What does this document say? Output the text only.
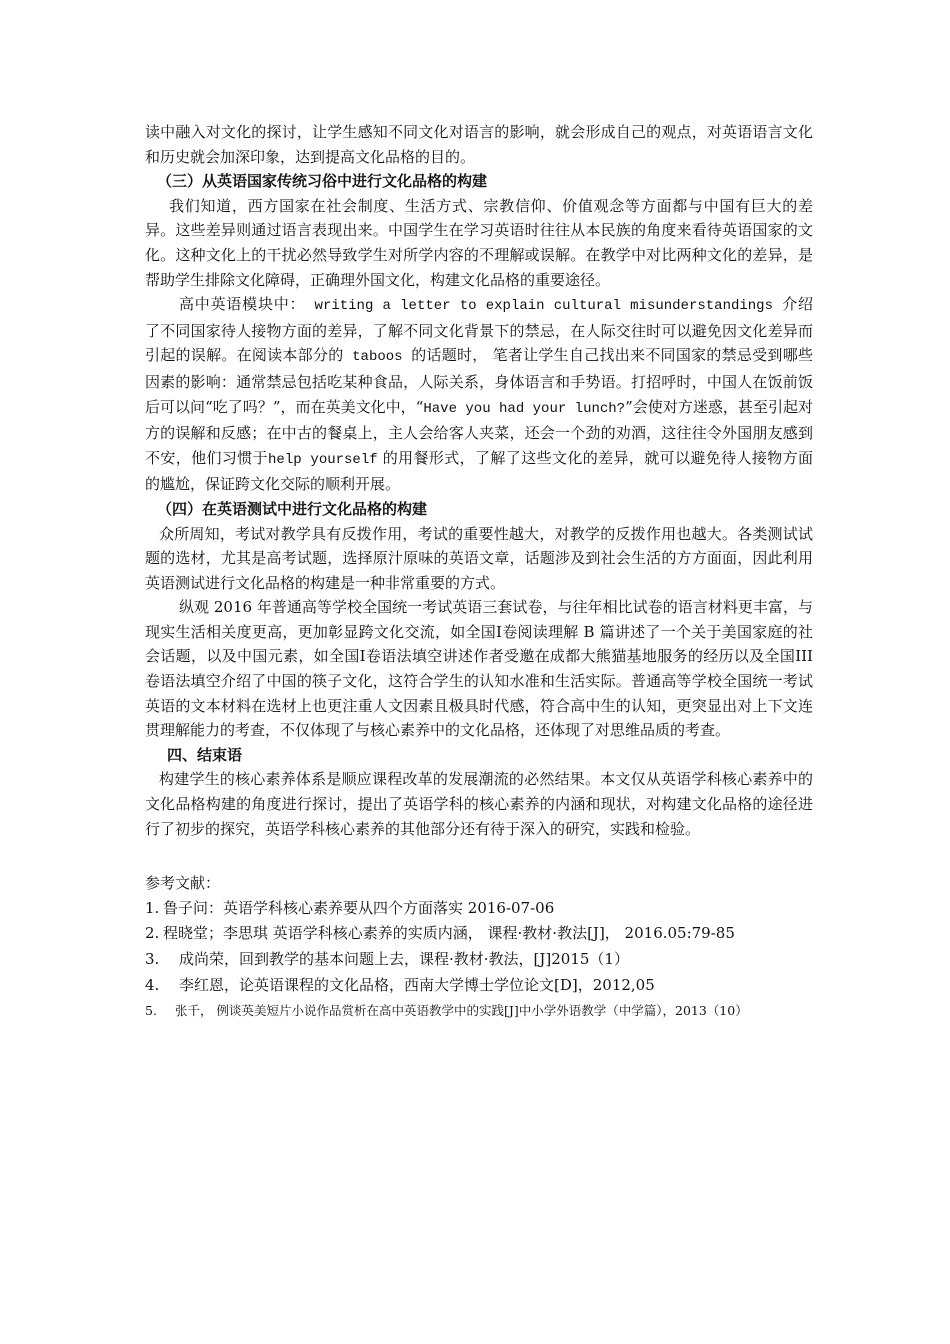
读中融入对文化的探讨，让学生感知不同文化对语言的影响，就会形成自己的观点，对英语语言文化和历史就会加深印象，达到提高文化品格的目的。

（三）从英语国家传统习俗中进行文化品格的构建

我们知道，西方国家在社会制度、生活方式、宗教信仰、价值观念等方面都与中国有巨大的差异。这些差异则通过语言表现出来。中国学生在学习英语时往往从本民族的角度来看待英语国家的文化。这种文化上的干扰必然导致学生对所学内容的不理解或误解。在教学中对比两种文化的差异，是帮助学生排除文化障碍，正确理外国文化，构建文化品格的重要途径。

高中英语模块中： writing a letter to explain cultural misunderstandings 介绍了不同国家待人接物方面的差异，了解不同文化背景下的禁忌，在人际交往时可以避免因文化差异而引起的误解。在阅读本部分的 taboos 的话题时， 笔者让学生自己找出来不同国家的禁忌受到哪些因素的影响：通常禁忌包括吃某种食品，人际关系，身体语言和手势语。打招呼时，中国人在饭前饭后可以问“吃了吗？”，而在英美文化中，“Have you had your lunch?”会使对方迷惑，甚至引起对方的误解和反感；在中古的餐桌上，主人会给客人夹菜，还会一个劲的劝酒，这往往令外国朋友感到不安，他们习惯于help yourself 的用餐形式，了解了这些文化的差异，就可以避免待人接物方面的尴尬，保证跨文化交际的顺利开展。

（四）在英语测试中进行文化品格的构建

众所周知，考试对教学具有反拨作用，考试的重要性越大，对教学的反拨作用也越大。各类测试试题的选材，尤其是高考试题，选择原汁原味的英语文章，话题涉及到社会生活的方方面面，因此利用英语测试进行文化品格的构建是一种非常重要的方式。

纵观 2016 年普通高等学校全国统一考试英语三套试卷，与往年相比试卷的语言材料更丰富，与现实生活相关度更高，更加彰显跨文化交流，如全国I卷阅读理解 B 篇讲述了一个关于美国家庭的社会话题，以及中国元素，如全国I卷语法填空讲述作者受邀在成都大熊猫基地服务的经历以及全国III卷语法填空介绍了中国的筷子文化，这符合学生的认知水准和生活实际。普通高等学校全国统一考试英语的文本材料在选材上也更注重人文因素且极具时代感，符合高中生的认知，更突显出对上下文连贯理解能力的考查，不仅体现了与核心素养中的文化品格，还体现了对思维品质的考查。

四、结束语

构建学生的核心素养体系是顺应课程改革的发展潮流的必然结果。本文仅从英语学科核心素养中的文化品格构建的角度进行探讨，提出了英语学科的核心素养的内涵和现状，对构建文化品格的途径进行了初步的探究，英语学科核心素养的其他部分还有待于深入的研究，实践和检验。

参考文献：

1. 鲁子问：英语学科核心素养要从四个方面落实 2016-07-06

2. 程晓堂；李思琪 英语学科核心素养的实质内涵， 课程·教材·教法[J]， 2016.05:79-85

3. 成尚荣，回到教学的基本问题上去，课程·教材·教法，[J]2015（1）

4. 李红恩，论英语课程的文化品格，西南大学博士学位论文[D]，2012,05

5. 张千， 例谈英美短片小说作品赏析在高中英语教学中的实践[J]中小学外语教学（中学篇），2013（10）
